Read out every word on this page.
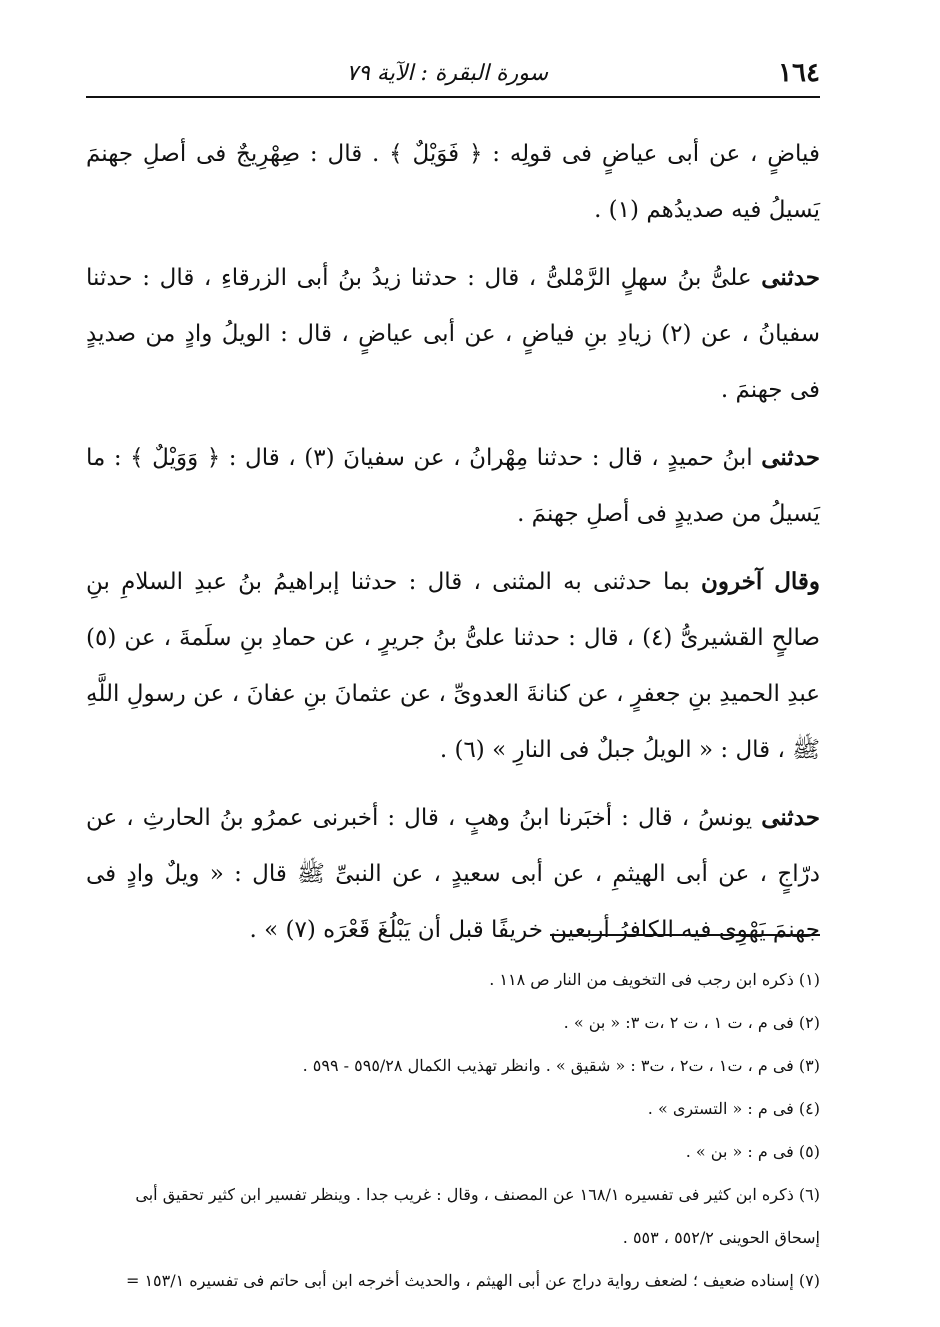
١٦٤
سورة البقرة : الآية ٧٩

فياضٍ ، عن أبى عياضٍ فى قولِه : ﴿ فَوَيْلٌ ﴾ . قال : صِهْرِيجٌ فى أصلِ جهنمَ يَسيلُ فيه صديدُهم (١) .

حدثنى علىُّ بنُ سهلٍ الرَّمْلىُّ ، قال : حدثنا زيدُ بنُ أبى الزرقاءِ ، قال : حدثنا سفيانُ ، عن (٢) زيادِ بنِ فياضٍ ، عن أبى عياضٍ ، قال : الويلُ وادٍ من صديدٍ فى جهنمَ .

حدثنى ابنُ حميدٍ ، قال : حدثنا مِهْرانُ ، عن سفيانَ (٣) ، قال : ﴿ وَوَيْلٌ ﴾ : ما يَسيلُ من صديدٍ فى أصلِ جهنمَ .

وقال آخرون بما حدثنى به المثنى ، قال : حدثنا إبراهيمُ بنُ عبدِ السلامِ بنِ صالحٍ القشيرىُّ (٤) ، قال : حدثنا علىُّ بنُ جريرٍ ، عن حمادِ بنِ سلَمةَ ، عن (٥) عبدِ الحميدِ بنِ جعفرٍ ، عن كنانةَ العدوىِّ ، عن عثمانَ بنِ عفانَ ، عن رسولِ اللَّهِ ﷺ ، قال : « الويلُ جبلٌ فى النارِ » (٦) .

حدثنى يونسُ ، قال : أخبَرنا ابنُ وهبٍ ، قال : أخبرنى عمرُو بنُ الحارثِ ، عن درّاجٍ ، عن أبى الهيثمِ ، عن أبى سعيدٍ ، عن النبىِّ ﷺ قال : « ويلٌ وادٍ فى جهنمَ يَهْوِى فيه الكافرُ أربعين خريفًا قبل أن يَبْلُغَ قَعْرَه (٧) » .

(١) ذكره ابن رجب فى التخويف من النار ص ١١٨ .

(٢) فى م ، ت ١ ، ت ٢ ،ت ٣: « بن » .

(٣) فى م ، ت١ ، ت٢ ، ت٣ : « شقيق » . وانظر تهذيب الكمال ٥٩٥/٢٨ - ٥٩٩ .

(٤) فى م : « التسترى » .

(٥) فى م : « بن » .

(٦) ذكره ابن كثير فى تفسيره ١٦٨/١ عن المصنف ، وقال : غريب جدا . وينظر تفسير ابن كثير تحقيق أبى إسحاق الحوينى ٥٥٢/٢ ، ٥٥٣ .

(٧) إسناده ضعيف ؛ لضعف رواية دراج عن أبى الهيثم ، والحديث أخرجه ابن أبى حاتم فى تفسيره ١٥٣/١ =
